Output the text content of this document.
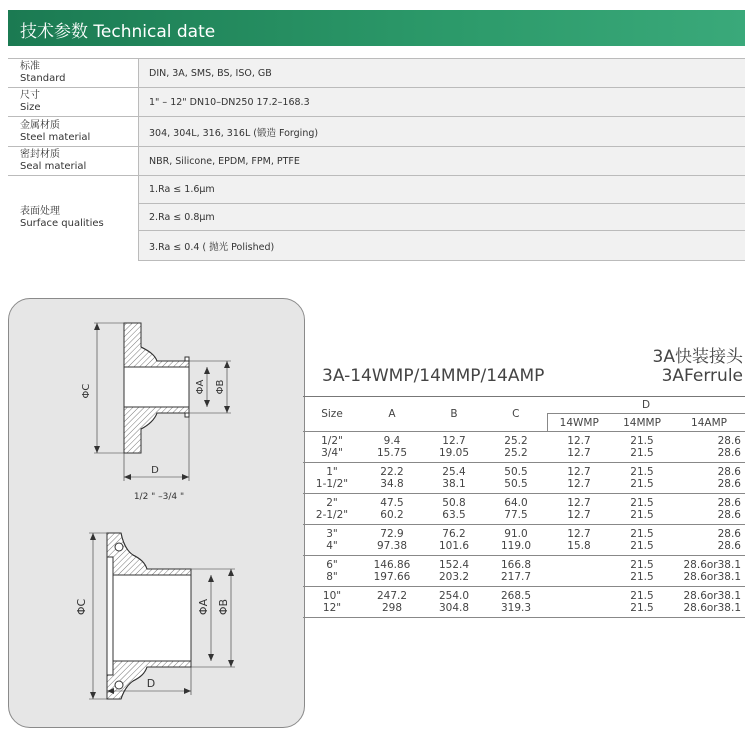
技术参数 Technical date
标准
Standard	DIN, 3A, SMS, BS, ISO, GB

尺寸
Size	1" – 12" DN10–DN250 17.2–168.3

金属材质
Steel material	304, 304L, 316, 316L (锻造 Forging)

密封材质
Seal material	NBR, Silicone, EPDM, FPM, PTFE

表面处理
Surface qualities	1.Ra ≤ 1.6μm
	2.Ra ≤ 0.8μm
	3.Ra ≤ 0.4 ( 抛光 Polished)
ΦC	ΦA ΦB
D
1/2 " –3/4 "
ΦC	ΦA ΦB
D
3A快装接头
3A-14WMP/14MMP/14AMP	3AFerrule
Size	A	B	C	D		
				14WMP	14MMP	14AMP
1/2"	9.4	12.7	25.2	12.7	21.5	28.6
3/4"	15.75	19.05	25.2	12.7	21.5	28.6
1"	22.2	25.4	50.5	12.7	21.5	28.6
1-1/2"	34.8	38.1	50.5	12.7	21.5	28.6
2"	47.5	50.8	64.0	12.7	21.5	28.6
2-1/2"	60.2	63.5	77.5	12.7	21.5	28.6
3"	72.9	76.2	91.0	12.7	21.5	28.6
4"	97.38	101.6	119.0	15.8	21.5	28.6
6"	146.86	152.4	166.8		21.5	28.6or38.1
8"	197.66	203.2	217.7		21.5	28.6or38.1
10"	247.2	254.0	268.5		21.5	28.6or38.1
12"	298	304.8	319.3		21.5	28.6or38.1
